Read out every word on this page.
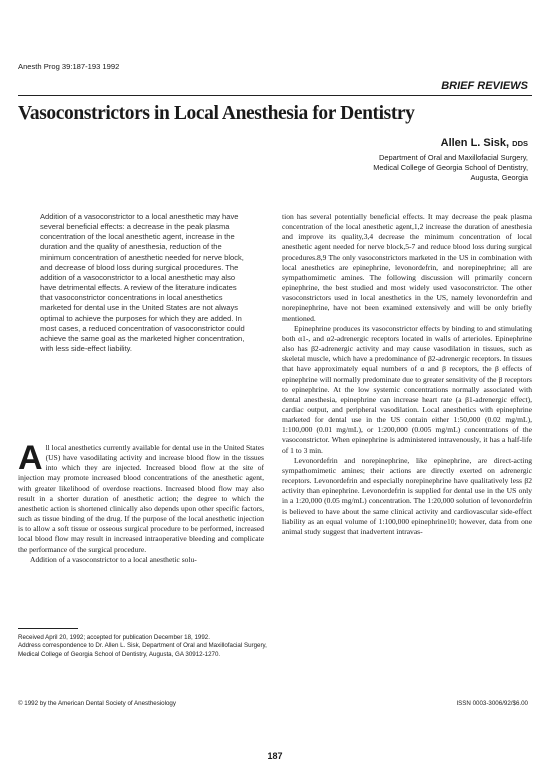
Anesth Prog 39:187-193 1992
BRIEF REVIEWS
Vasoconstrictors in Local Anesthesia for Dentistry
Allen L. Sisk, DDS
Department of Oral and Maxillofacial Surgery,
Medical College of Georgia School of Dentistry,
Augusta, Georgia

Addition of a vasoconstrictor to a local anesthetic may have several beneficial effects: a decrease in the peak plasma concentration of the local anesthetic agent, increase in the duration and the quality of anesthesia, reduction of the minimum concentration of anesthetic needed for nerve block, and decrease of blood loss during surgical procedures. The addition of a vasoconstrictor to a local anesthetic may also have detrimental effects. A review of the literature indicates that vasoconstrictor concentrations in local anesthetics marketed for dental use in the United States are not always optimal to achieve the purposes for which they are added. In most cases, a reduced concentration of vasoconstrictor could achieve the same goal as the marketed higher concentration, with less side-effect liability.

All local anesthetics currently available for dental use in the United States (US) have vasodilating activity and increase blood flow in the tissues into which they are injected. Increased blood flow at the site of injection may promote increased blood concentrations of the anesthetic agent, with greater likelihood of overdose reactions. Increased blood flow may also result in a shorter duration of anesthetic action; the degree to which the anesthetic action is shortened clinically also depends upon other specific factors, such as tissue binding of the drug. If the purpose of the local anesthetic injection is to allow a soft tissue or osseous surgical procedure to be performed, increased local blood flow may result in increased intraoperative bleeding and complicate the performance of the surgical procedure.

Addition of a vasoconstrictor to a local anesthetic solu-

tion has several potentially beneficial effects. It may decrease the peak plasma concentration of the local anesthetic agent,1,2 increase the duration of anesthesia and improve its quality,3,4 decrease the minimum concentration of local anesthetic agent needed for nerve block,5-7 and reduce blood loss during surgical procedures.8,9 The only vasoconstrictors marketed in the US in combination with local anesthetics are epinephrine, levonordefrin, and norepinephrine; all are sympathomimetic amines. The following discussion will primarily concern epinephrine, the best studied and most widely used vasoconstrictor. The other vasoconstrictors used in local anesthetics in the US, namely levonordefrin and norepinephrine, have not been examined extensively and will be only briefly mentioned.

Epinephrine produces its vasoconstrictor effects by binding to and stimulating both α1-, and α2-adrenergic receptors located in walls of arterioles. Epinephrine also has β2-adrenergic activity and may cause vasodilation in tissues, such as skeletal muscle, which have a predominance of β2-adrenergic receptors. In tissues that have approximately equal numbers of α and β receptors, the β effects of epinephrine will normally predominate due to greater sensitivity of the β receptors to epinephrine. At the low systemic concentrations normally associated with dental anesthesia, epinephrine can increase heart rate (a β1-adrenergic effect), cardiac output, and peripheral vasodilation. Local anesthetics with epinephrine marketed for dental use in the US contain either 1:50,000 (0.02 mg/mL), 1:100,000 (0.01 mg/mL), or 1:200,000 (0.005 mg/mL) concentrations of the vasoconstrictor. When epinephrine is administered intravenously, it has a half-life of 1 to 3 min.

Levonordefrin and norepinephrine, like epinephrine, are direct-acting sympathomimetic amines; their actions are directly exerted on adrenergic receptors. Levonordefrin and especially norepinephrine have qualitatively less β2 activity than epinephrine. Levonordefrin is supplied for dental use in the US only in a 1:20,000 (0.05 mg/mL) concentration. The 1:20,000 solution of levonordefrin is believed to have about the same clinical activity and cardiovascular side-effect liability as an equal volume of 1:100,000 epinephrine10; however, data from one animal study suggest that inadvertent intravas-

Received April 20, 1992; accepted for publication December 18, 1992.
Address correspondence to Dr. Allen L. Sisk, Department of Oral and Maxillofacial Surgery, Medical College of Georgia School of Dentistry, Augusta, GA 30912-1270.
© 1992 by the American Dental Society of Anesthesiology	ISSN 0003-3006/92/$6.00
187
